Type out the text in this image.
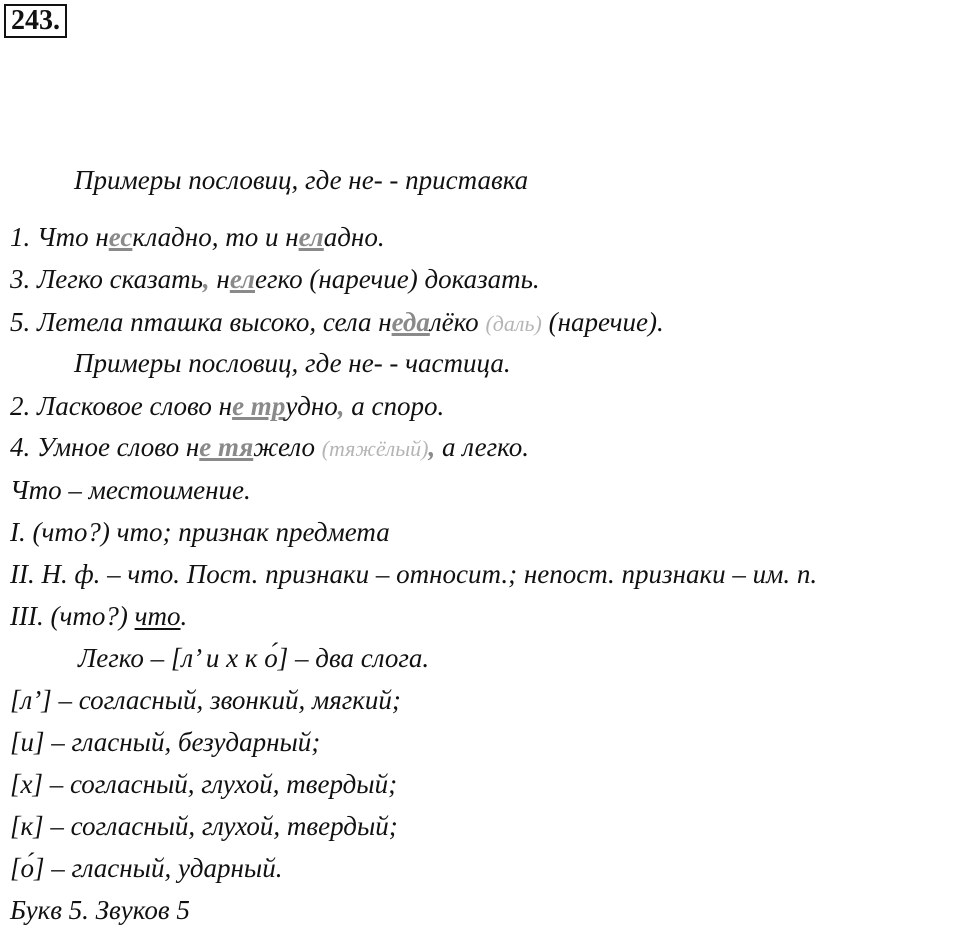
243.
Примеры пословиц, где не- - приставка
1. Что нескладно, то и неладно.
3. Легко сказать, нелегко (наречие) доказать.
5. Летела пташка высоко, села недалёко (даль) (наречие).
Примеры пословиц, где не- - частица.
2. Ласковое слово не трудно, а споро.
4. Умное слово не тяжело (тяжёлый), а легко.
Что – местоимение.
I. (что?) что; признак предмета
II. Н. ф. – что. Пост. признаки – относит.; непост. признаки – им. п.
III. (что?) что.
Легко – [л’ и х к о́] – два слога.
[л’] – согласный, звонкий, мягкий;
[и] – гласный, безударный;
[х] – согласный, глухой, твердый;
[к] – согласный, глухой, твердый;
[о́] – гласный, ударный.
Букв 5. Звуков 5
